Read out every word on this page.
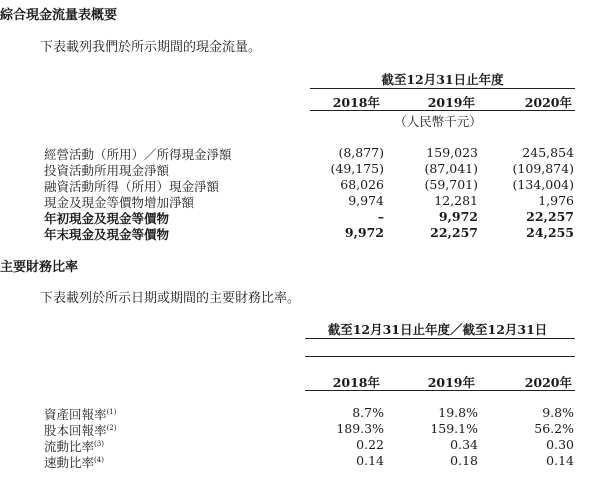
綜合現金流量表概要
下表載列我們於所示期間的現金流量。
截至12月31日止年度
2018年	2019年	2020年
（人民幣千元）
經營活動（所用）／所得現金淨額	(8,877)	159,023	245,854
投資活動所用現金淨額	(49,175)	(87,041)	(109,874)
融資活動所得（所用）現金淨額	68,026	(59,701)	(134,004)
現金及現金等價物增加淨額	9,974	12,281	1,976
年初現金及現金等價物	–	9,972	22,257
年末現金及現金等價物	9,972	22,257	24,255
主要財務比率
下表載列於所示日期或期間的主要財務比率。
截至12月31日止年度／截至12月31日
2018年	2019年	2020年
資產回報率$^{(1)}$	8.7%	19.8%	9.8%
股本回報率$^{(2)}$	189.3%	159.1%	56.2%
流動比率$^{(3)}$	0.22	0.34	0.30
速動比率$^{(4)}$	0.14	0.18	0.14
